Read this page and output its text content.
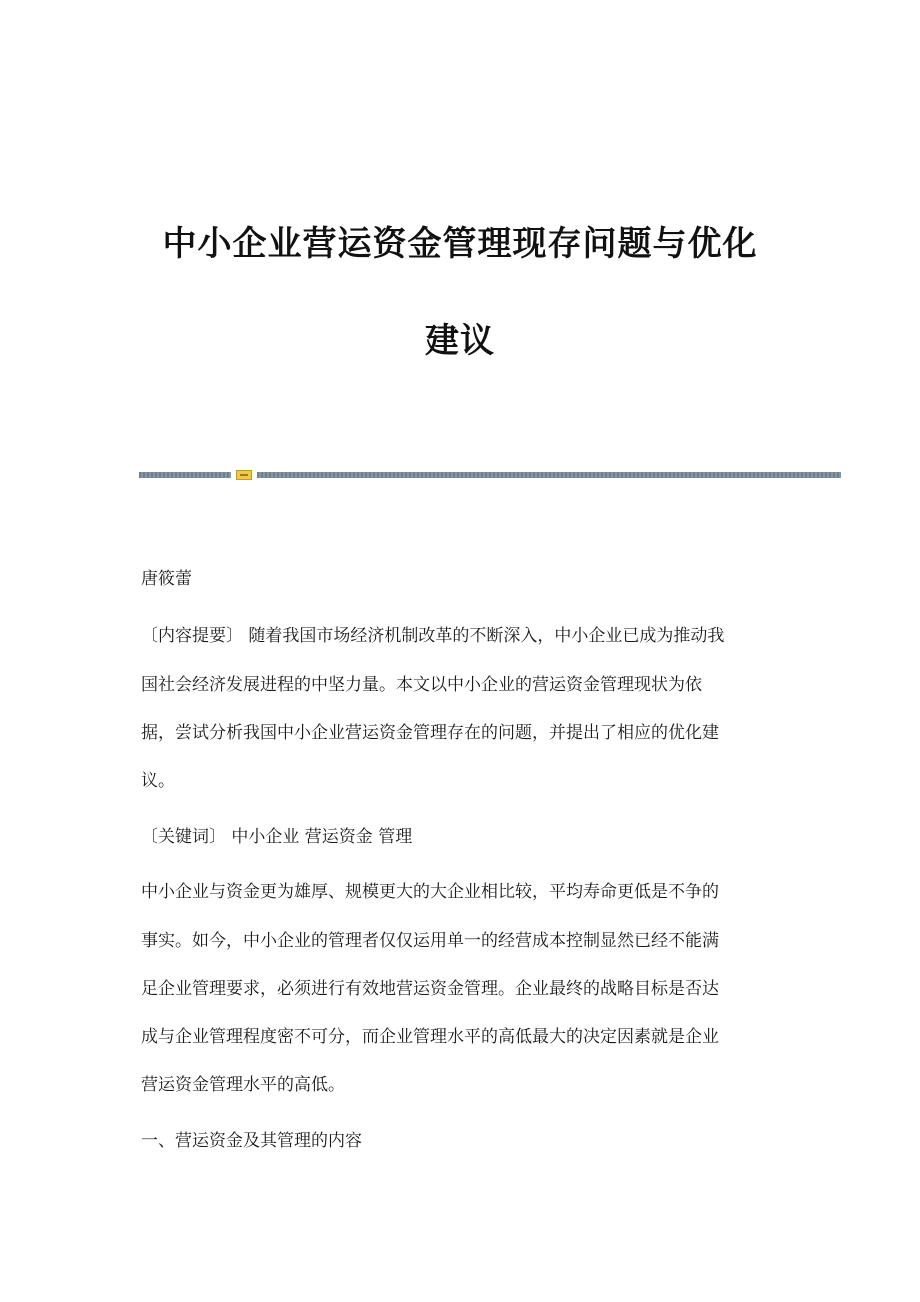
中小企业营运资金管理现存问题与优化
建议
唐筱蕾
〔内容提要〕 随着我国市场经济机制改革的不断深入，中小企业已成为推动我
国社会经济发展进程的中坚力量。本文以中小企业的营运资金管理现状为依
据，尝试分析我国中小企业营运资金管理存在的问题，并提出了相应的优化建
议。
〔关键词〕 中小企业 营运资金 管理
中小企业与资金更为雄厚、规模更大的大企业相比较，平均寿命更低是不争的
事实。如今，中小企业的管理者仅仅运用单一的经营成本控制显然已经不能满
足企业管理要求，必须进行有效地营运资金管理。企业最终的战略目标是否达
成与企业管理程度密不可分，而企业管理水平的高低最大的决定因素就是企业
营运资金管理水平的高低。
一、营运资金及其管理的内容
